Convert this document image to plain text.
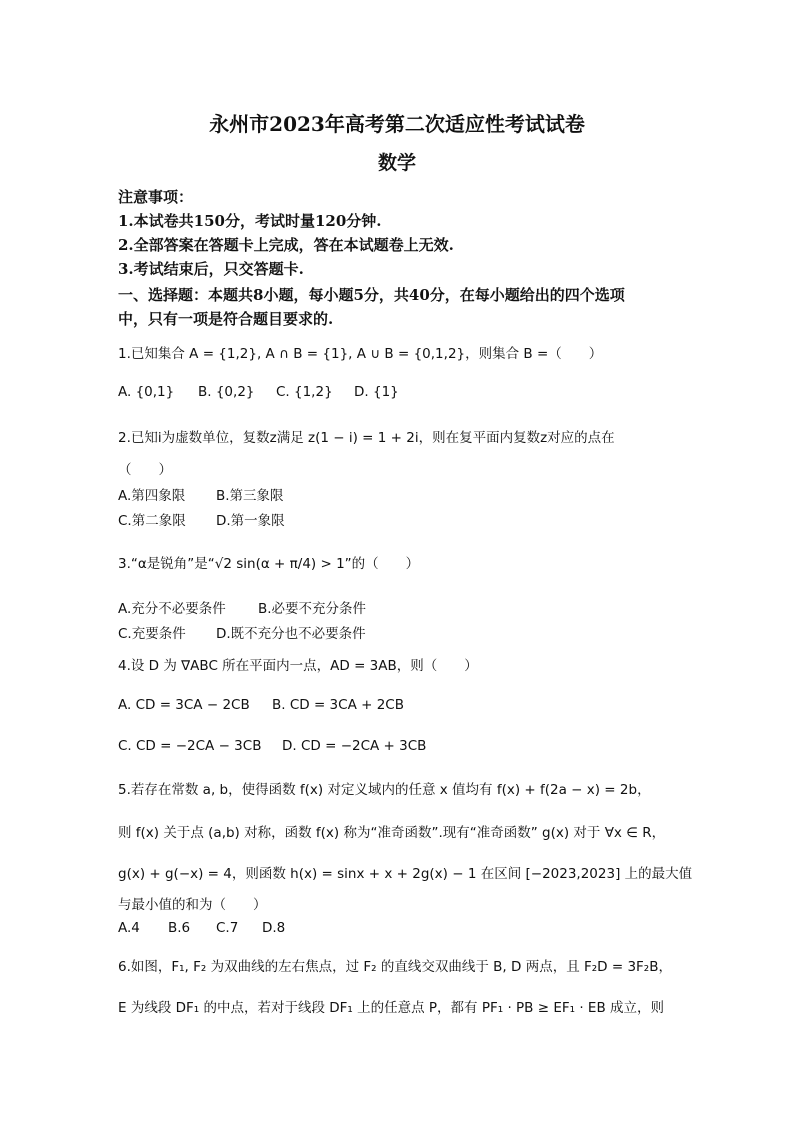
永州市2023年高考第二次适应性考试试卷
数学
注意事项：
1.本试卷共150分，考试时量120分钟.
2.全部答案在答题卡上完成，答在本试题卷上无效.
3.考试结束后，只交答题卡.
一、选择题：本题共8小题，每小题5分，共40分，在每小题给出的四个选项
中，只有一项是符合题目要求的.
1.已知集合 A = {1,2}, A ∩ B = {1}, A ∪ B = {0,1,2}，则集合 B =（　　）
A. {0,1} B. {0,2} C. {1,2} D. {1}
2.已知i为虚数单位，复数z满足 z(1 − i) = 1 + 2i，则在复平面内复数z对应的点在
（　　）
A.第四象限 B.第三象限
C.第二象限 D.第一象限
3.“α是锐角”是“√2 sin(α + π/4) > 1”的（　　）
A.充分不必要条件 B.必要不充分条件
C.充要条件 D.既不充分也不必要条件
4.设 D 为 ∇ABC 所在平面内一点，AD = 3AB，则（　　）
A. CD = 3CA − 2CB B. CD = 3CA + 2CB
C. CD = −2CA − 3CB D. CD = −2CA + 3CB
5.若存在常数 a, b，使得函数 f(x) 对定义域内的任意 x 值均有 f(x) + f(2a − x) = 2b，
则 f(x) 关于点 (a,b) 对称，函数 f(x) 称为“准奇函数”.现有“准奇函数” g(x) 对于 ∀x ∈ R，
g(x) + g(−x) = 4，则函数 h(x) = sinx + x + 2g(x) − 1 在区间 [−2023,2023] 上的最大值
与最小值的和为（　　）
A.4 B.6 C.7 D.8
6.如图，F₁, F₂ 为双曲线的左右焦点，过 F₂ 的直线交双曲线于 B, D 两点，且 F₂D = 3F₂B，
E 为线段 DF₁ 的中点，若对于线段 DF₁ 上的任意点 P，都有 PF₁ · PB ≥ EF₁ · EB 成立，则
